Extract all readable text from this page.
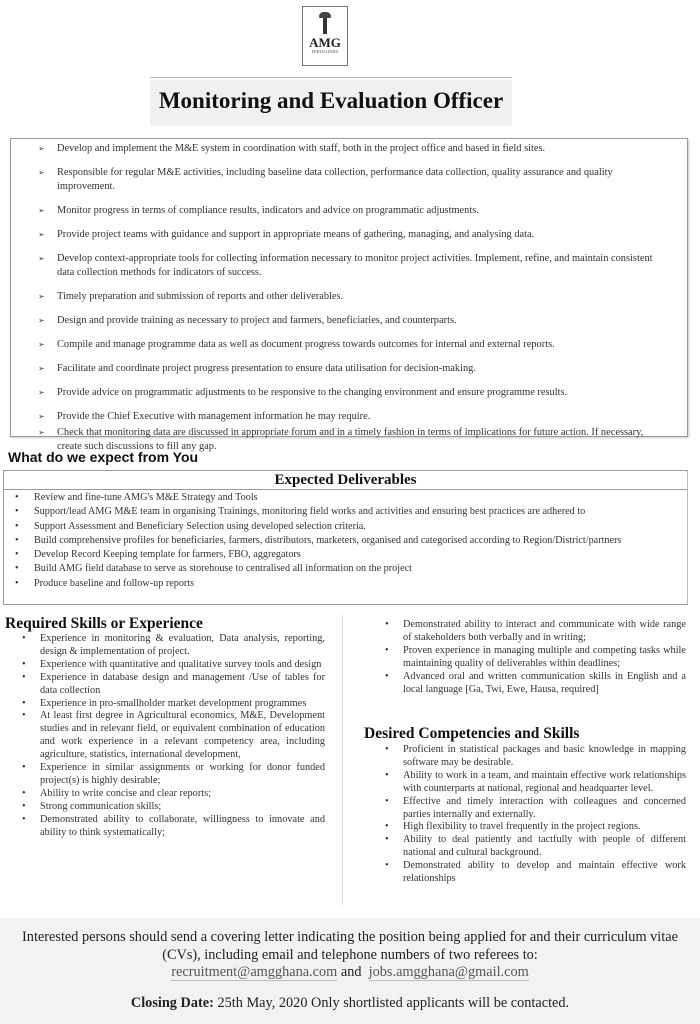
AMG
FERTILIZERS
Monitoring and Evaluation Officer
➢ Develop and implement the M&E system in coordination with staff, both in the project office and based in field sites.
➢ Responsible for regular M&E activities, including baseline data collection, performance data collection, quality assurance and quality improvement.
➢ Monitor progress in terms of compliance results, indicators and advice on programmatic adjustments.
➢ Provide project teams with guidance and support in appropriate means of gathering, managing, and analysing data.
➢ Develop context-appropriate tools for collecting information necessary to monitor project activities. Implement, refine, and maintain consistent data collection methods for indicators of success.
➢ Timely preparation and submission of reports and other deliverables.
➢ Design and provide training as necessary to project and farmers, beneficiaries, and counterparts.
➢ Compile and manage programme data as well as document progress towards outcomes for internal and external reports.
➢ Facilitate and coordinate project progress presentation to ensure data utilisation for decision-making.
➢ Provide advice on programmatic adjustments to be responsive to the changing environment and ensure programme results.
➢ Provide the Chief Executive with management information he may require.
➢ Check that monitoring data are discussed in appropriate forum and in a timely fashion in terms of implications for future action. If necessary, create such discussions to fill any gap.
What do we expect from You
Expected Deliverables
• Review and fine-tune AMG's M&E Strategy and Tools
• Support/lead AMG M&E team in organising Trainings, monitoring field works and activities and ensuring best practices are adhered to
• Support Assessment and Beneficiary Selection using developed selection criteria.
• Build comprehensive profiles for beneficiaries, farmers, distributors, marketers, organised and categorised according to Region/District/partners
• Develop Record Keeping template for farmers, FBO, aggregators
• Build AMG field database to serve as storehouse to centralised all information on the project
• Produce baseline and follow-up reports
Required Skills or Experience
• Experience in monitoring & evaluation, Data analysis, reporting, design & implementation of project.
• Experience with quantitative and qualitative survey tools and design
• Experience in database design and management /Use of tables for data collection
• Experience in pro-smallholder market development programmes
• At least first degree in Agricultural economics, M&E, Development studies and in relevant field, or equivalent combination of education and work experience in a relevant competency area, including agriculture, statistics, international development,
• Experience in similar assignments or working for donor funded project(s) is highly desirable;
• Ability to write concise and clear reports;
• Strong communication skills;
• Demonstrated ability to collaborate, willingness to innovate and ability to think systematically;
• Demonstrated ability to interact and communicate with wide range of stakeholders both verbally and in writing;
• Proven experience in managing multiple and competing tasks while maintaining quality of deliverables within deadlines;
• Advanced oral and written communication skills in English and a local language [Ga, Twi, Ewe, Hausa, required]
Desired Competencies and Skills
• Proficient in statistical packages and basic knowledge in mapping software may be desirable.
• Ability to work in a team, and maintain effective work relationships with counterparts at national, regional and headquarter level.
• Effective and timely interaction with colleagues and concerned parties internally and externally.
• High flexibility to travel frequently in the project regions.
• Ability to deal patiently and tactfully with people of different national and cultural background.
• Demonstrated ability to develop and maintain effective work relationships

Interested persons should send a covering letter indicating the position being applied for and their curriculum vitae (CVs), including email and telephone numbers of two referees to:

recruitment@amgghana.com and jobs.amgghana@gmail.com

Closing Date: 25th May, 2020 Only shortlisted applicants will be contacted.
